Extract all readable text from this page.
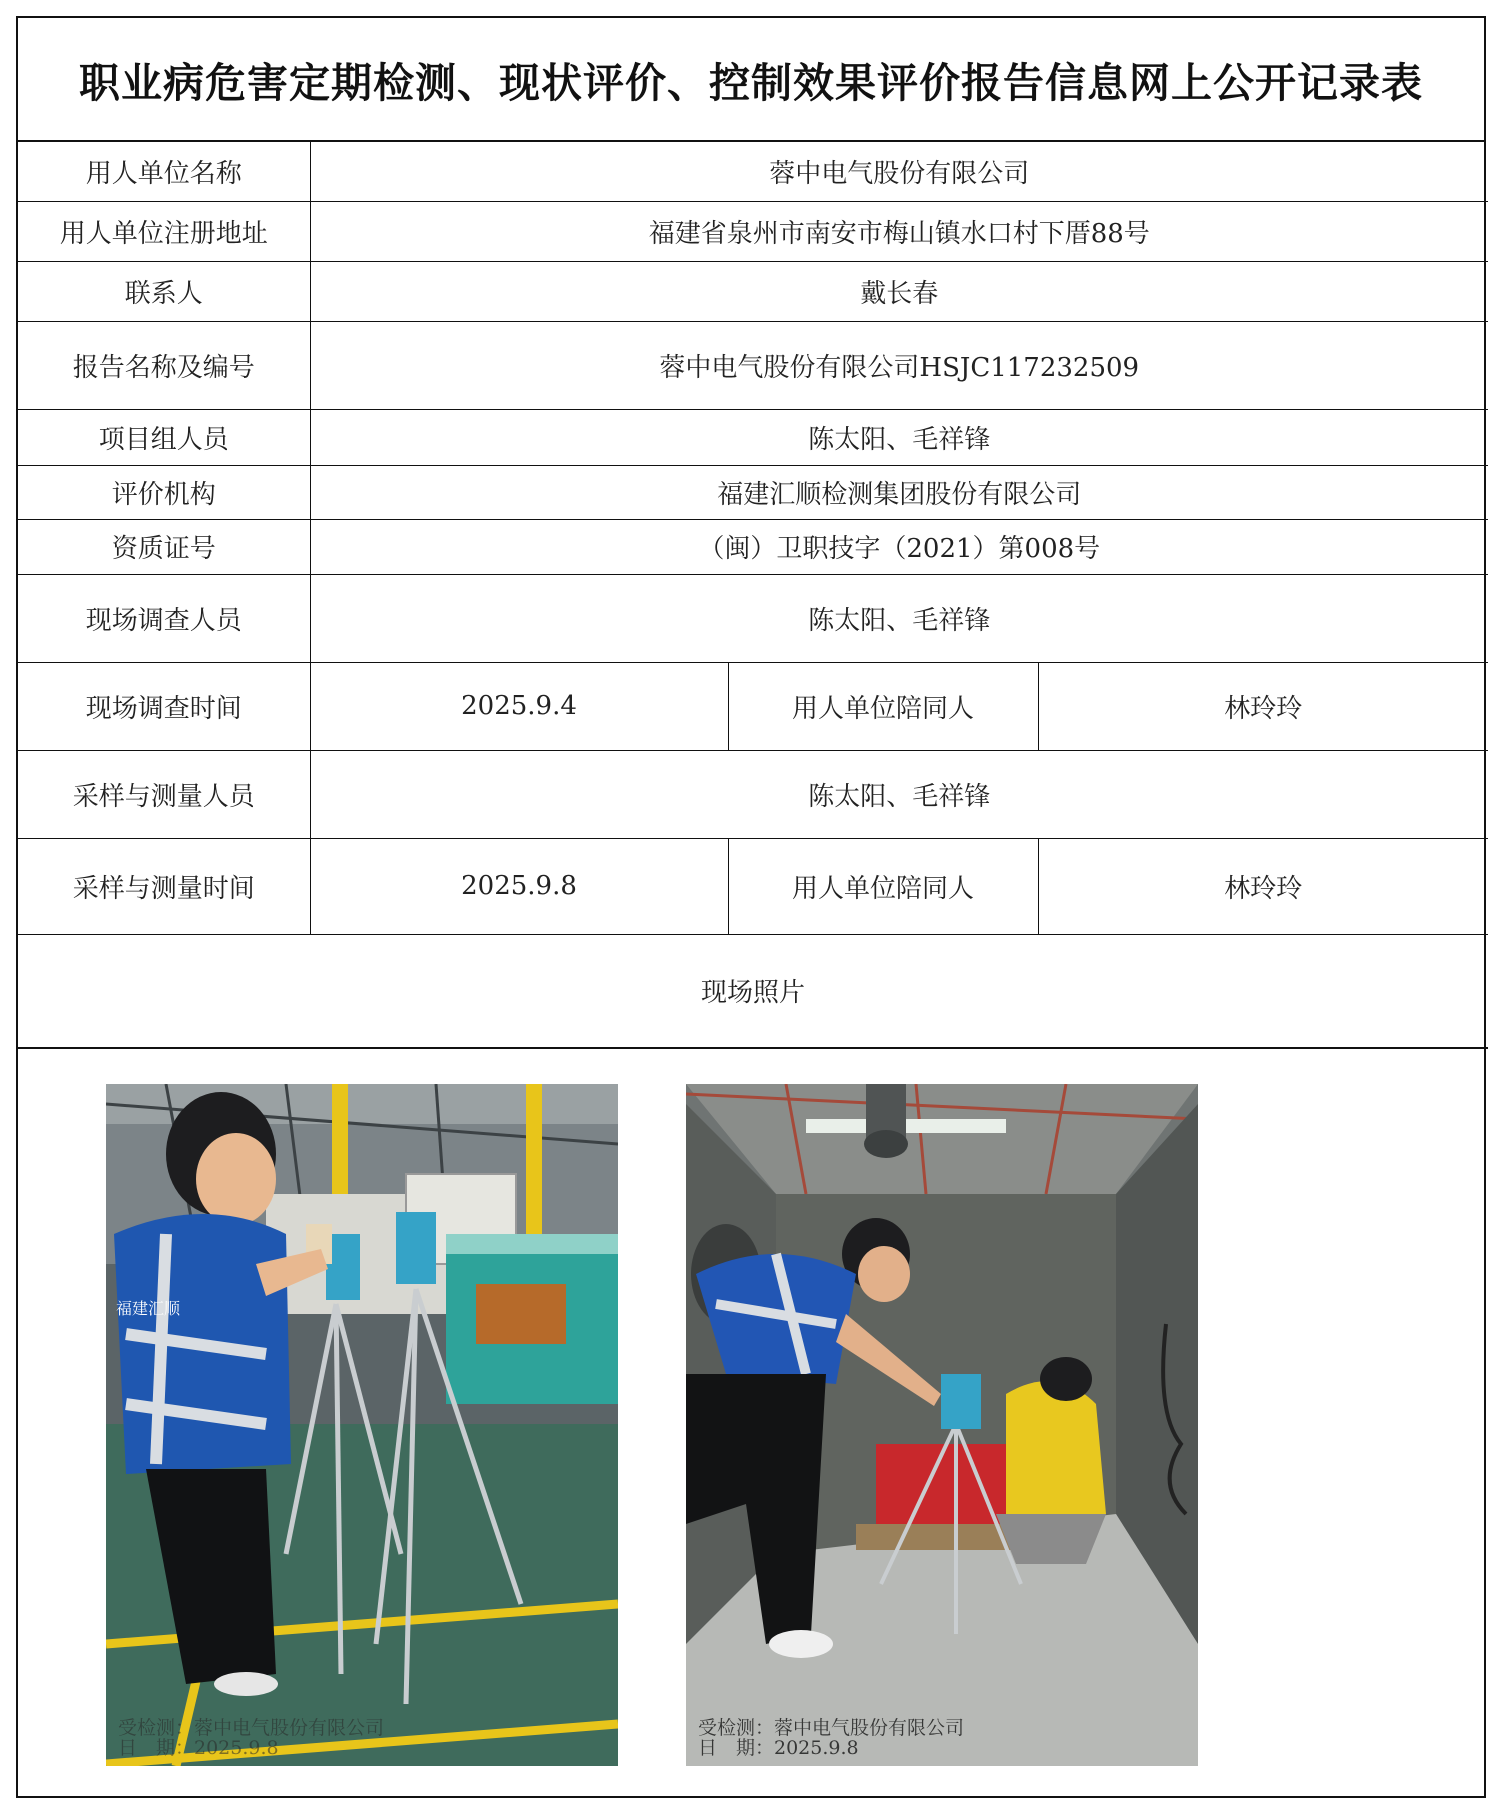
职业病危害定期检测、现状评价、控制效果评价报告信息网上公开记录表
用人单位名称	蓉中电气股份有限公司		
用人单位注册地址	福建省泉州市南安市梅山镇水口村下厝88号		
联系人	戴长春		
报告名称及编号	蓉中电气股份有限公司HSJC117232509		
项目组人员	陈太阳、毛祥锋		
评价机构	福建汇顺检测集团股份有限公司		
资质证号	（闽）卫职技字（2021）第008号		
现场调查人员	陈太阳、毛祥锋		
现场调查时间	2025.9.4	用人单位陪同人	林玲玲
采样与测量人员	陈太阳、毛祥锋		
采样与测量时间	2025.9.8	用人单位陪同人	林玲玲
现场照片			
福建汇顺
受检测：蓉中电气股份有限公司
日　期：2025.9.8
受检测：蓉中电气股份有限公司
日　期：2025.9.8
